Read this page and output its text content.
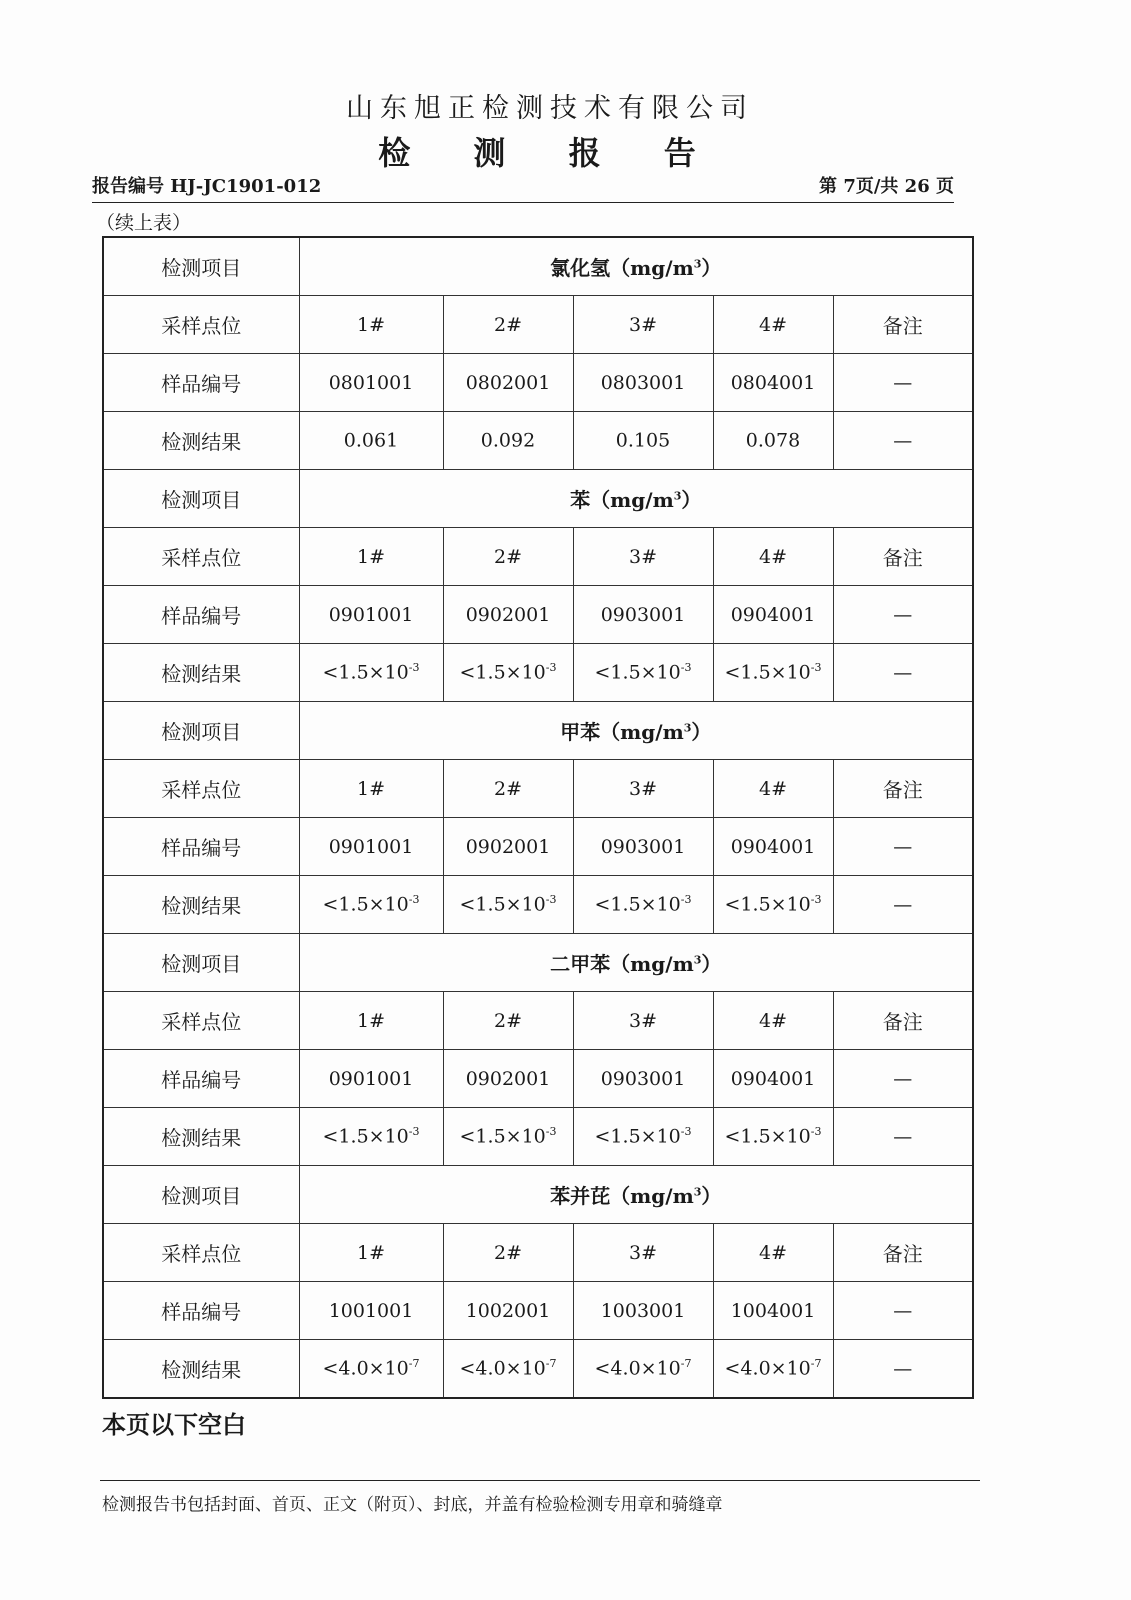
山东旭正检测技术有限公司
检 测 报 告
报告编号 HJ-JC1901-012	第 7页/共 26 页
（续上表）
检测项目	氯化氢$(mg/m^3)$				
采样点位	1#	2#	3#	4#	备注
样品编号	0801001	0802001	0803001	0804001	—
检测结果	0.061	0.092	0.105	0.078	—
检测项目	苯$(mg/m^3)$				
采样点位	1#	2#	3#	4#	备注
样品编号	0901001	0902001	0903001	0904001	—
检测结果	$<1.5\times 10^{-3}$	$<1.5\times 10^{-3}$	$<1.5\times 10^{-3}$	$<1.5\times 10^{-3}$	—
检测项目	甲苯$(mg/m^3)$				
采样点位	1#	2#	3#	4#	备注
样品编号	0901001	0902001	0903001	0904001	—
检测结果	$<1.5\times 10^{-3}$	$<1.5\times 10^{-3}$	$<1.5\times 10^{-3}$	$<1.5\times 10^{-3}$	—
检测项目	二甲苯$(mg/m^3)$				
采样点位	1#	2#	3#	4#	备注
样品编号	0901001	0902001	0903001	0904001	—
检测结果	$<1.5\times 10^{-3}$	$<1.5\times 10^{-3}$	$<1.5\times 10^{-3}$	$<1.5\times 10^{-3}$	—
检测项目	苯并芘$(mg/m^3)$				
采样点位	1#	2#	3#	4#	备注
样品编号	1001001	1002001	1003001	1004001	—
检测结果	$<4.0\times 10^{-7}$	$<4.0\times 10^{-7}$	$<4.0\times 10^{-7}$	$<4.0\times 10^{-7}$	—
本页以下空白
检测报告书包括封面、首页、正文（附页）、封底，并盖有检验检测专用章和骑缝章
